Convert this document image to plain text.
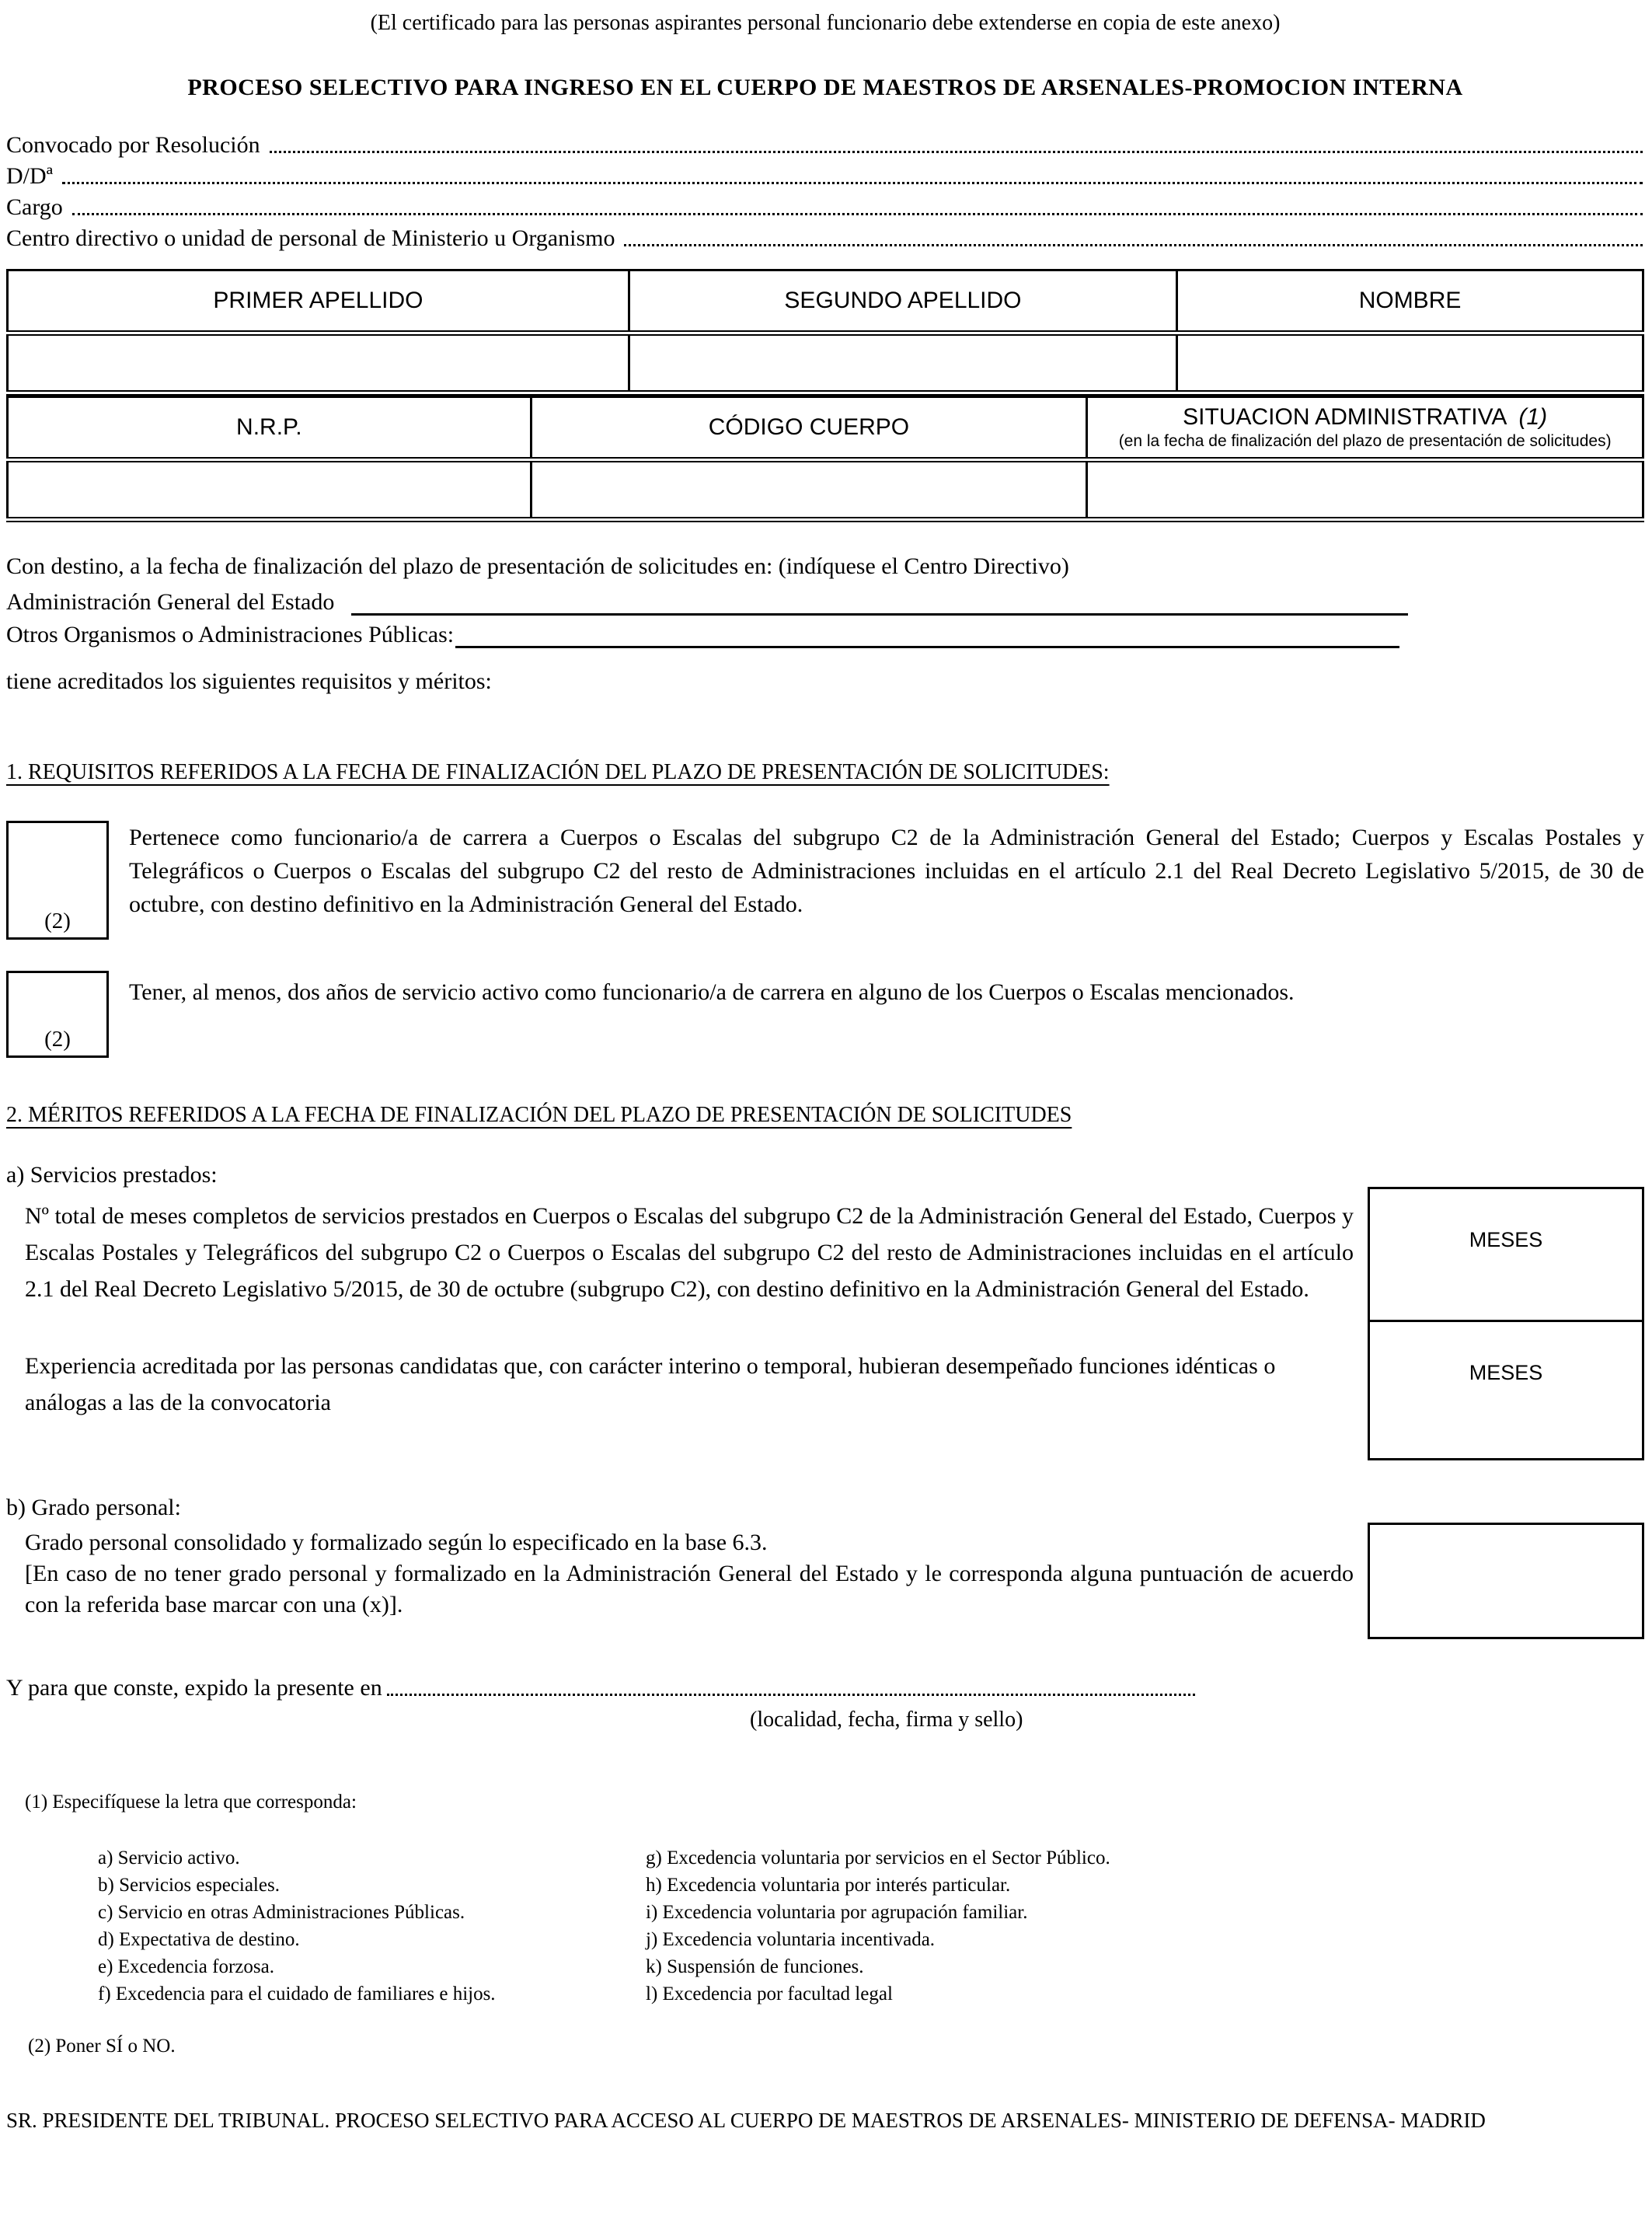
(El certificado para las personas aspirantes personal funcionario debe extenderse en copia de este anexo)

PROCESO SELECTIVO PARA INGRESO EN EL CUERPO DE MAESTROS DE ARSENALES-PROMOCION INTERNA
Convocado por Resolución
D/Dª
Cargo
Centro directivo o unidad de personal de Ministerio u Organismo
PRIMER APELLIDO	SEGUNDO APELLIDO	NOMBRE

N.R.P.	CÓDIGO CUERPO	SITUACION ADMINISTRATIVA (1)
(en la fecha de finalización del plazo de presentación de solicitudes)

Con destino, a la fecha de finalización del plazo de presentación de solicitudes en: (indíquese el Centro Directivo)

Administración General del Estado
Otros Organismos o Administraciones Públicas:

tiene acreditados los siguientes requisitos y méritos:

1. REQUISITOS REFERIDOS A LA FECHA DE FINALIZACIÓN DEL PLAZO DE PRESENTACIÓN DE SOLICITUDES:

(2)

Pertenece como funcionario/a de carrera a Cuerpos o Escalas del subgrupo C2 de la Administración General del Estado; Cuerpos y Escalas Postales y Telegráficos o Cuerpos o Escalas del subgrupo C2 del resto de Administraciones incluidas en el artículo 2.1 del Real Decreto Legislativo 5/2015, de 30 de octubre, con destino definitivo en la Administración General del Estado.

(2)

Tener, al menos, dos años de servicio activo como funcionario/a de carrera en alguno de los Cuerpos o Escalas mencionados.

2. MÉRITOS REFERIDOS A LA FECHA DE FINALIZACIÓN DEL PLAZO DE PRESENTACIÓN DE SOLICITUDES

a) Servicios prestados:

Nº total de meses completos de servicios prestados en Cuerpos o Escalas del subgrupo C2 de la Administración General del Estado, Cuerpos y Escalas Postales y Telegráficos del subgrupo C2 o Cuerpos o Escalas del subgrupo C2 del resto de Administraciones incluidas en el artículo 2.1 del Real Decreto Legislativo 5/2015, de 30 de octubre (subgrupo C2), con destino definitivo en la Administración General del Estado.

Experiencia acreditada por las personas candidatas que, con carácter interino o temporal, hubieran desempeñado funciones idénticas o análogas a las de la convocatoria

MESES
MESES

b) Grado personal:

Grado personal consolidado y formalizado según lo especificado en la base 6.3.

[En caso de no tener grado personal y formalizado en la Administración General del Estado y le corresponda alguna puntuación de acuerdo con la referida base marcar con una (x)].

Y para que conste, expido la presente en

(localidad, fecha, firma y sello)

(1) Especifíquese la letra que corresponda:

a) Servicio activo.	g) Excedencia voluntaria por servicios en el Sector Público.
b) Servicios especiales.	h) Excedencia voluntaria por interés particular.
c) Servicio en otras Administraciones Públicas.	i) Excedencia voluntaria por agrupación familiar.
d) Expectativa de destino.	j) Excedencia voluntaria incentivada.
e) Excedencia forzosa.	k) Suspensión de funciones.
f) Excedencia para el cuidado de familiares e hijos.	l) Excedencia por facultad legal

(2) Poner SÍ o NO.

SR. PRESIDENTE DEL TRIBUNAL. PROCESO SELECTIVO PARA ACCESO AL CUERPO DE MAESTROS DE ARSENALES- MINISTERIO DE DEFENSA- MADRID
